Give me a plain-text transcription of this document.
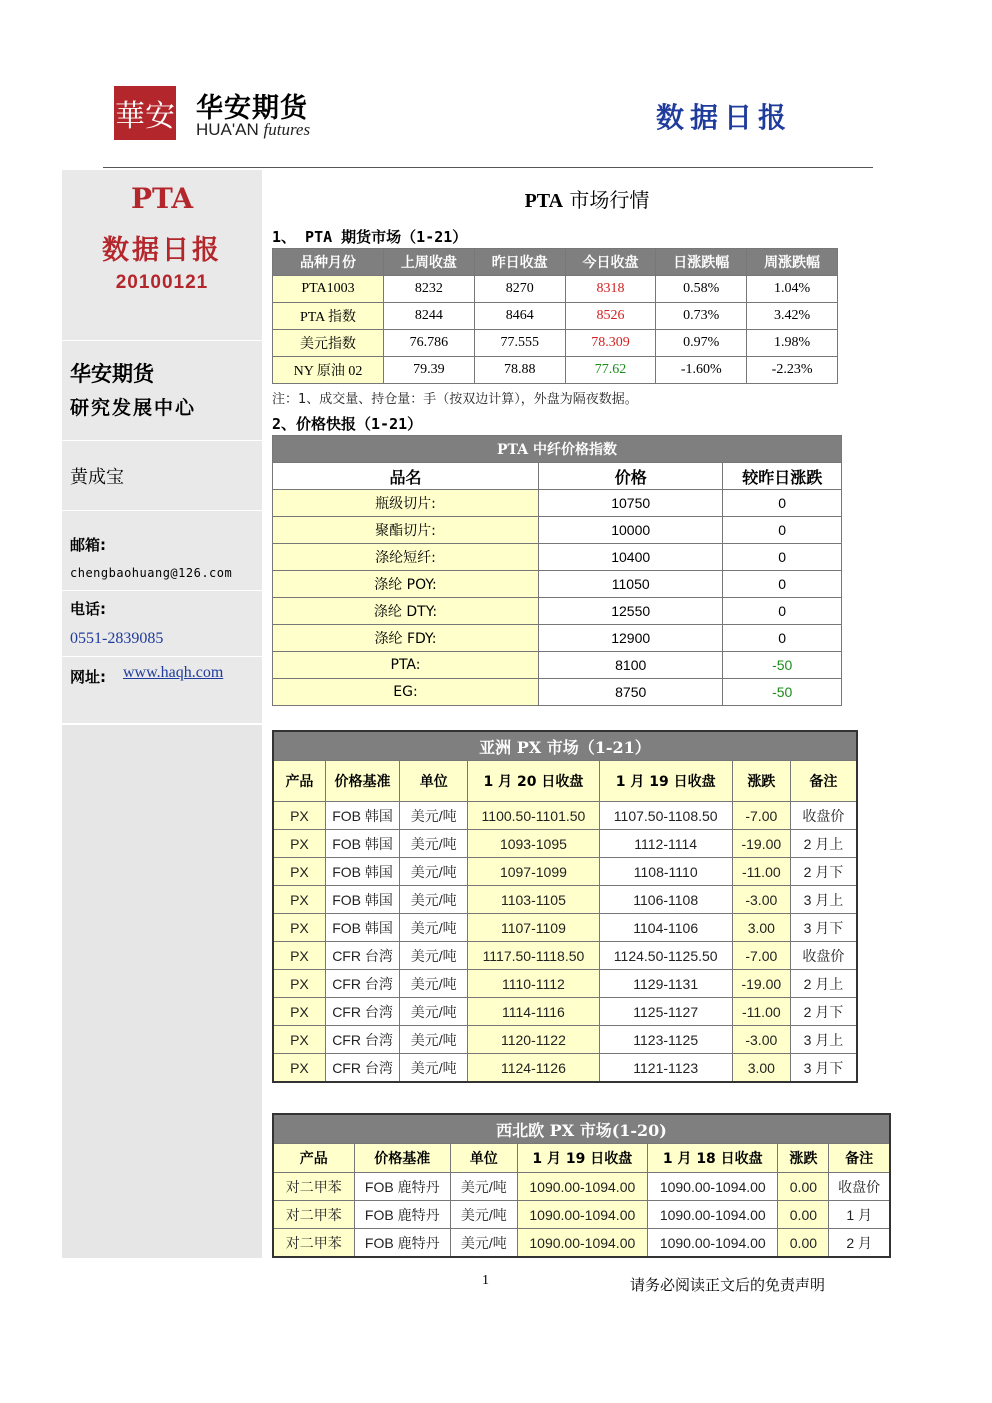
華安 华安期货
HUA'AN futures	数据日报
PTA
数据日报
20100121
华安期货
研究发展中心
黄成宝
邮箱:
chengbaohuang@126.com
电话:
0551-2839085
网址: www.haqh.com
PTA 市场行情
1、 PTA 期货市场（1-21）
品种月份	上周收盘	昨日收盘	今日收盘	日涨跌幅	周涨跌幅
PTA1003	8232	8270	8318	0.58%	1.04%
PTA 指数	8244	8464	8526	0.73%	3.42%
美元指数	76.786	77.555	78.309	0.97%	1.98%
NY 原油 02	79.39	78.88	77.62	-1.60%	-2.23%
注：1、成交量、持仓量：手（按双边计算），外盘为隔夜数据。
2、价格快报（1-21）
PTA 中纤价格指数		
品名	价格	较昨日涨跌
瓶级切片:	10750	0
聚酯切片:	10000	0
涤纶短纤:	10400	0
涤纶 POY:	11050	0
涤纶 DTY:	12550	0
涤纶 FDY:	12900	0
PTA:	8100	-50
EG:	8750	-50
亚洲 PX 市场（1-21）						
产品	价格基准	单位	1 月 20 日收盘	1 月 19 日收盘	涨跌	备注
PX	FOB 韩国	美元/吨	1100.50-1101.50	1107.50-1108.50	-7.00	收盘价
PX	FOB 韩国	美元/吨	1093-1095	1112-1114	-19.00	2 月上
PX	FOB 韩国	美元/吨	1097-1099	1108-1110	-11.00	2 月下
PX	FOB 韩国	美元/吨	1103-1105	1106-1108	-3.00	3 月上
PX	FOB 韩国	美元/吨	1107-1109	1104-1106	3.00	3 月下
PX	CFR 台湾	美元/吨	1117.50-1118.50	1124.50-1125.50	-7.00	收盘价
PX	CFR 台湾	美元/吨	1110-1112	1129-1131	-19.00	2 月上
PX	CFR 台湾	美元/吨	1114-1116	1125-1127	-11.00	2 月下
PX	CFR 台湾	美元/吨	1120-1122	1123-1125	-3.00	3 月上
PX	CFR 台湾	美元/吨	1124-1126	1121-1123	3.00	3 月下
西北欧 PX 市场(1-20)						
产品	价格基准	单位	1 月 19 日收盘	1 月 18 日收盘	涨跌	备注
对二甲苯	FOB 鹿特丹	美元/吨	1090.00-1094.00	1090.00-1094.00	0.00	收盘价
对二甲苯	FOB 鹿特丹	美元/吨	1090.00-1094.00	1090.00-1094.00	0.00	1 月
对二甲苯	FOB 鹿特丹	美元/吨	1090.00-1094.00	1090.00-1094.00	0.00	2 月
1	请务必阅读正文后的免责声明
